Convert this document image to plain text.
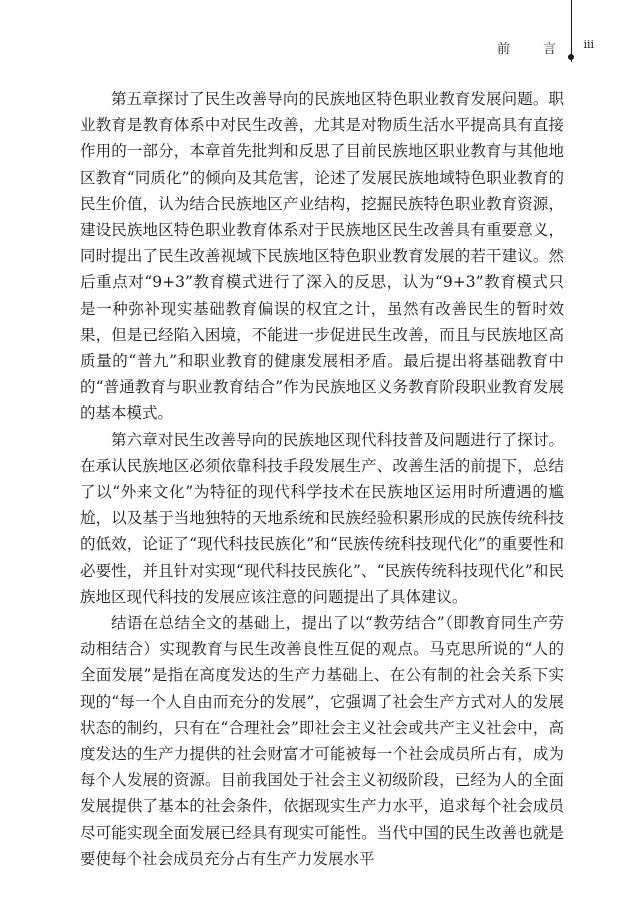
前　言 iii

第五章探讨了民生改善导向的民族地区特色职业教育发展问题。职业教育是教育体系中对民生改善，尤其是对物质生活水平提高具有直接作用的一部分，本章首先批判和反思了目前民族地区职业教育与其他地区教育“同质化”的倾向及其危害，论述了发展民族地域特色职业教育的民生价值，认为结合民族地区产业结构，挖掘民族特色职业教育资源，建设民族地区特色职业教育体系对于民族地区民生改善具有重要意义，同时提出了民生改善视域下民族地区特色职业教育发展的若干建议。然后重点对“9+3”教育模式进行了深入的反思，认为“9+3”教育模式只是一种弥补现实基础教育偏误的权宜之计，虽然有改善民生的暂时效果，但是已经陷入困境，不能进一步促进民生改善，而且与民族地区高质量的“普九”和职业教育的健康发展相矛盾。最后提出将基础教育中的“普通教育与职业教育结合”作为民族地区义务教育阶段职业教育发展的基本模式。

第六章对民生改善导向的民族地区现代科技普及问题进行了探讨。在承认民族地区必须依靠科技手段发展生产、改善生活的前提下，总结了以“外来文化”为特征的现代科学技术在民族地区运用时所遭遇的尴尬，以及基于当地独特的天地系统和民族经验积累形成的民族传统科技的低效，论证了“现代科技民族化”和“民族传统科技现代化”的重要性和必要性，并且针对实现“现代科技民族化”、“民族传统科技现代化”和民族地区现代科技的发展应该注意的问题提出了具体建议。

结语在总结全文的基础上，提出了以“教劳结合”（即教育同生产劳动相结合）实现教育与民生改善良性互促的观点。马克思所说的“人的全面发展”是指在高度发达的生产力基础上、在公有制的社会关系下实现的“每一个人自由而充分的发展”，它强调了社会生产方式对人的发展状态的制约，只有在“合理社会”即社会主义社会或共产主义社会中，高度发达的生产力提供的社会财富才可能被每一个社会成员所占有，成为每个人发展的资源。目前我国处于社会主义初级阶段，已经为人的全面发展提供了基本的社会条件，依据现实生产力水平，追求每个社会成员尽可能实现全面发展已经具有现实可能性。当代中国的民生改善也就是要使每个社会成员充分占有生产力发展水平
